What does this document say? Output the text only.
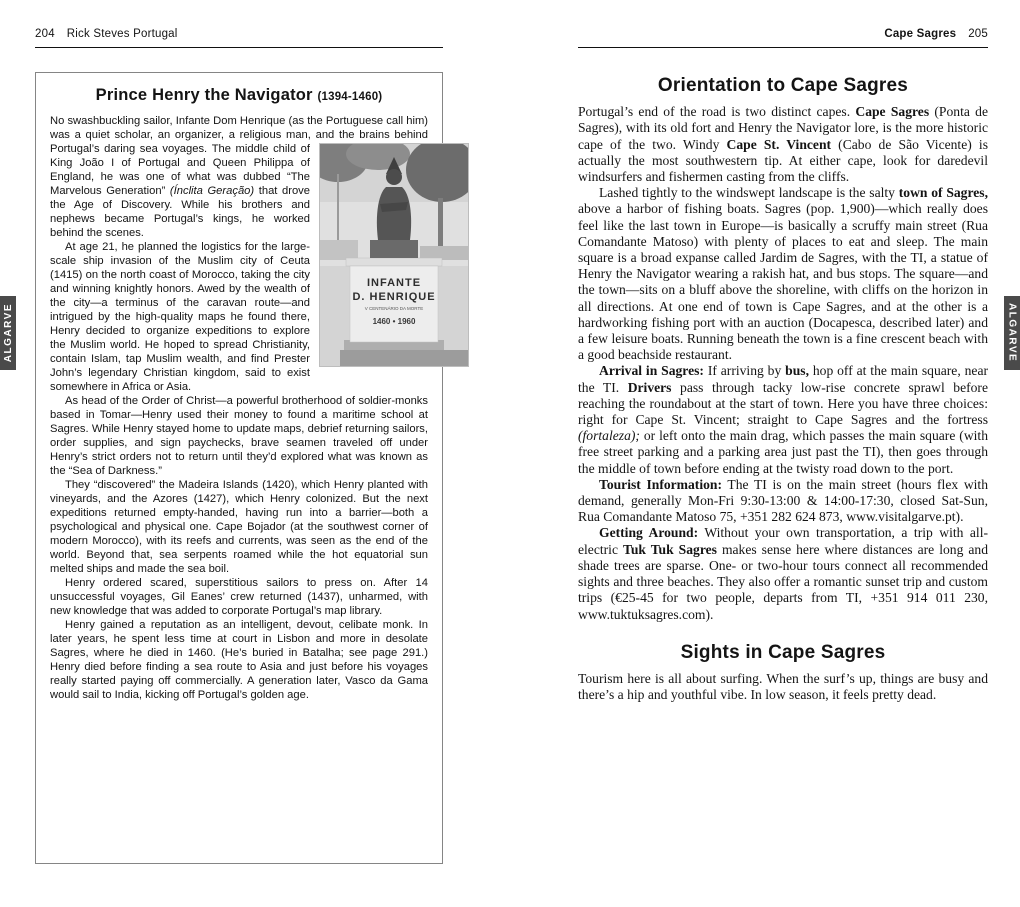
204 Rick Steves Portugal	Cape Sagres 205
ALGARVE	ALGARVE
Prince Henry the Navigator (1394-1460)

No swashbuckling sailor, Infante Dom Henrique (as the Portuguese call him) was a quiet scholar, an organizer, a religious man, and the brains behind Portugal’s daring sea voyages.
INFANTE
D. HENRIQUE
V CENTENÁRIO DA MORTE
1460 • 1960
The middle child of King João I of Portugal and Queen Philippa of England, he was one of what was dubbed “The Marvelous Generation” (Ínclita Geração) that drove the Age of Discovery. While his brothers and nephews became Portugal’s kings, he worked behind the scenes.

At age 21, he planned the logistics for the large-scale ship invasion of the Muslim city of Ceuta (1415) on the north coast of Morocco, taking the city and winning knightly honors. Awed by the wealth of the city—a terminus of the caravan route—and intrigued by the high-quality maps he found there, Henry decided to organize expeditions to explore the Muslim world. He hoped to spread Christianity, contain Islam, tap Muslim wealth, and find Prester John’s legendary Christian kingdom, said to exist somewhere in Africa or Asia.

As head of the Order of Christ—a powerful brotherhood of soldier-monks based in Tomar—Henry used their money to found a maritime school at Sagres. While Henry stayed home to update maps, debrief returning sailors, order supplies, and sign paychecks, brave seamen traveled off under Henry’s strict orders not to return until they’d explored what was known as the “Sea of Darkness.”

They “discovered” the Madeira Islands (1420), which Henry planted with vineyards, and the Azores (1427), which Henry colonized. But the next expeditions returned empty-handed, having run into a barrier—both a psychological and physical one. Cape Bojador (at the southwest corner of modern Morocco), with its reefs and currents, was seen as the end of the world. Beyond that, sea serpents roamed while the hot equatorial sun melted ships and made the sea boil.

Henry ordered scared, superstitious sailors to press on. After 14 unsuccessful voyages, Gil Eanes’ crew returned (1437), unharmed, with new knowledge that was added to corporate Portugal’s map library.

Henry gained a reputation as an intelligent, devout, celibate monk. In later years, he spent less time at court in Lisbon and more in desolate Sagres, where he died in 1460. (He’s buried in Batalha; see page 291.) Henry died before finding a sea route to Asia and just before his voyages really started paying off commercially. A generation later, Vasco da Gama would sail to India, kicking off Portugal’s golden age.

Orientation to Cape Sagres

Portugal’s end of the road is two distinct capes. Cape Sagres (Ponta de Sagres), with its old fort and Henry the Navigator lore, is the more historic cape of the two. Windy Cape St. Vincent (Cabo de São Vicente) is actually the most southwestern tip. At either cape, look for daredevil windsurfers and fishermen casting from the cliffs.

Lashed tightly to the windswept landscape is the salty town of Sagres, above a harbor of fishing boats. Sagres (pop. 1,900)—which really does feel like the last town in Europe—is basically a scruffy main street (Rua Comandante Matoso) with plenty of places to eat and sleep. The main square is a broad expanse called Jardim de Sagres, with the TI, a statue of Henry the Navigator wearing a rakish hat, and bus stops. The square—and the town—sits on a bluff above the shoreline, with cliffs on the horizon in all directions. At one end of town is Cape Sagres, and at the other is a hardworking fishing port with an auction (Docapesca, described later) and a few leisure boats. Running beneath the town is a fine crescent beach with a good beachside restaurant.

Arrival in Sagres: If arriving by bus, hop off at the main square, near the TI. Drivers pass through tacky low-rise concrete sprawl before reaching the roundabout at the start of town. Here you have three choices: right for Cape St. Vincent; straight to Cape Sagres and the fortress (fortaleza); or left onto the main drag, which passes the main square (with free street parking and a parking area just past the TI), then goes through the middle of town before ending at the twisty road down to the port.

Tourist Information: The TI is on the main street (hours flex with demand, generally Mon-Fri 9:30-13:00 & 14:00-17:30, closed Sat-Sun, Rua Comandante Matoso 75, +351 282 624 873, www.visitalgarve.pt).

Getting Around: Without your own transportation, a trip with all-electric Tuk Tuk Sagres makes sense here where distances are long and shade trees are sparse. One- or two-hour tours connect all recommended sights and three beaches. They also offer a romantic sunset trip and custom trips (€25-45 for two people, departs from TI, +351 914 011 230, www.tuktuksagres.com).

Sights in Cape Sagres

Tourism here is all about surfing. When the surf’s up, things are busy and there’s a hip and youthful vibe. In low season, it feels pretty dead.
